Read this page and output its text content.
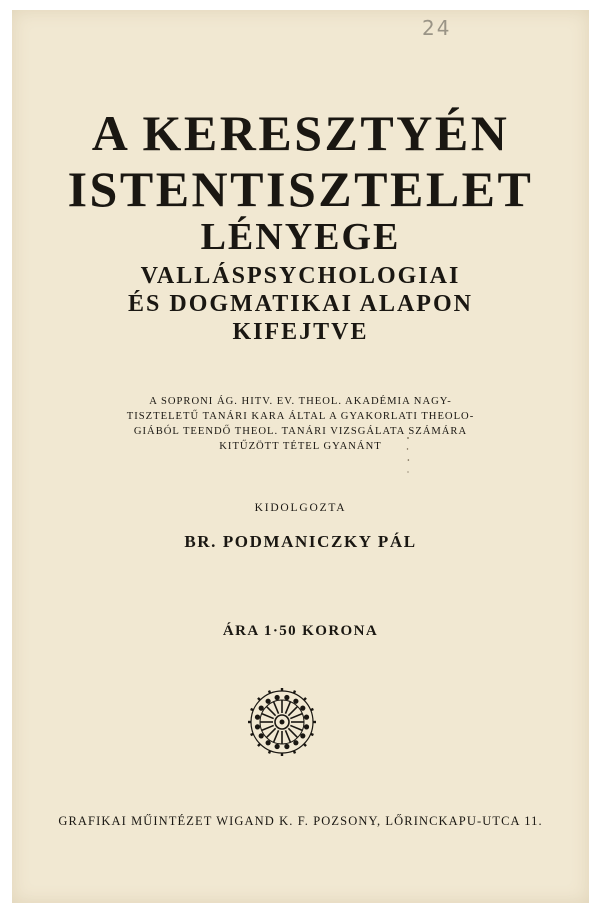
24
A KERESZTYÉN
ISTENTISZTELET
LÉNYEGE
VALLÁSPSYCHOLOGIAI
ÉS DOGMATIKAI ALAPON
KIFEJTVE
A SOPRONI ÁG. HITV. EV. THEOL. AKADÉMIA NAGY-
TISZTELETŰ TANÁRI KARA ÁLTAL A GYAKORLATI THEOLO-
GIÁBÓL TEENDŐ THEOL. TANÁRI VIZSGÁLATA SZÁMÁRA
KITŰZÖTT TÉTEL GYANÁNT
KIDOLGOZTA
BR. PODMANICZKY PÁL
ÁRA 1·50 KORONA
GRAFIKAI MŰINTÉZET WIGAND K. F. POZSONY, LŐRINCKAPU-UTCA 11.
